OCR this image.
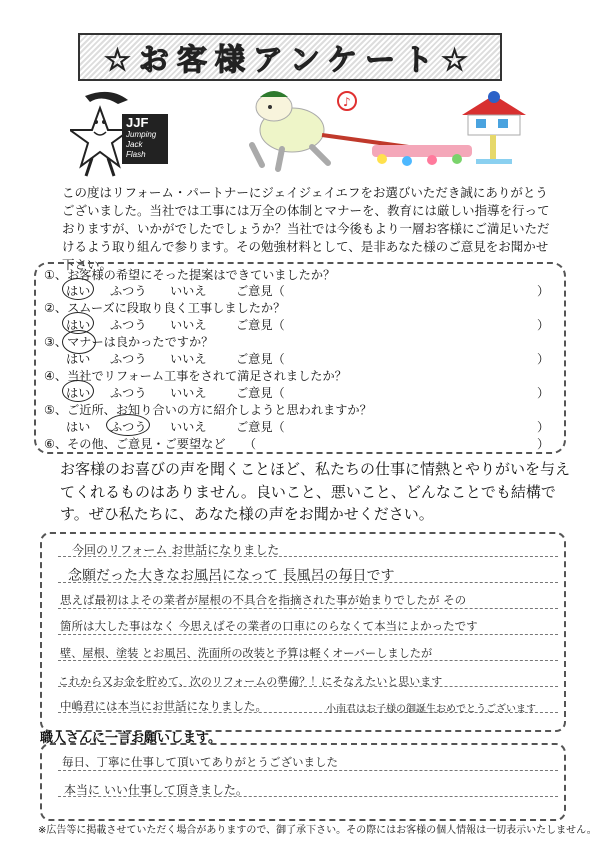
☆お客様アンケート☆
JJF
Jumping
Jack
Flash
♪
この度はリフォーム・パートナーにジェイジェイエフをお選びいただき誠にありがとうございました。当社では工事には万全の体制とマナーを、教育には厳しい指導を行っておりますが、いかがでしたでしょうか？当社では今後もより一層お客様にご満足いただけるよう取り組んで参ります。その勉強材料として、是非あなた様のご意見をお聞かせ下さい。
①、お客様の希望にそった提案はできていましたか？
はい ふつう いいえ ご意見（	）
②、スムーズに段取り良く工事しましたか？
はい ふつう いいえ ご意見（	）
③、マナーは良かったですか？
はい ふつう いいえ ご意見（	）
④、当社でリフォーム工事をされて満足されましたか？
はい ふつう いいえ ご意見（	）
⑤、ご近所、お知り合いの方に紹介しようと思われますか？
はい ふつう いいえ ご意見（	）
⑥、その他、ご意見・ご要望など　　（	）
お客様のお喜びの声を聞くことほど、私たちの仕事に情熱とやりがいを与えてくれるものはありません。良いこと、悪いこと、どんなことでも結構です。ぜひ私たちに、あなた様の声をお聞かせください。
今回のリフォーム お世話になりました
念願だった大きなお風呂になって 長風呂の毎日です
思えば最初はよその業者が屋根の不具合を指摘された事が始まりでしたが その
箇所は大した事はなく 今思えばその業者の口車にのらなくて本当によかったです
壁、屋根、塗装 とお風呂、洗面所の改装と予算は軽くオーバーしましたが
これから又お金を貯めて、次のリフォームの準備？！にそなえたいと思います
中嶋君には本当にお世話になりました。	小南君はお子様の御誕生おめでとうございます
職人さんに一言お願いします。
毎日、丁寧に仕事して頂いてありがとうございました
本当に いい仕事して頂きました。
※広告等に掲載させていただく場合がありますので、御了承下さい。その際にはお客様の個人情報は一切表示いたしません。
